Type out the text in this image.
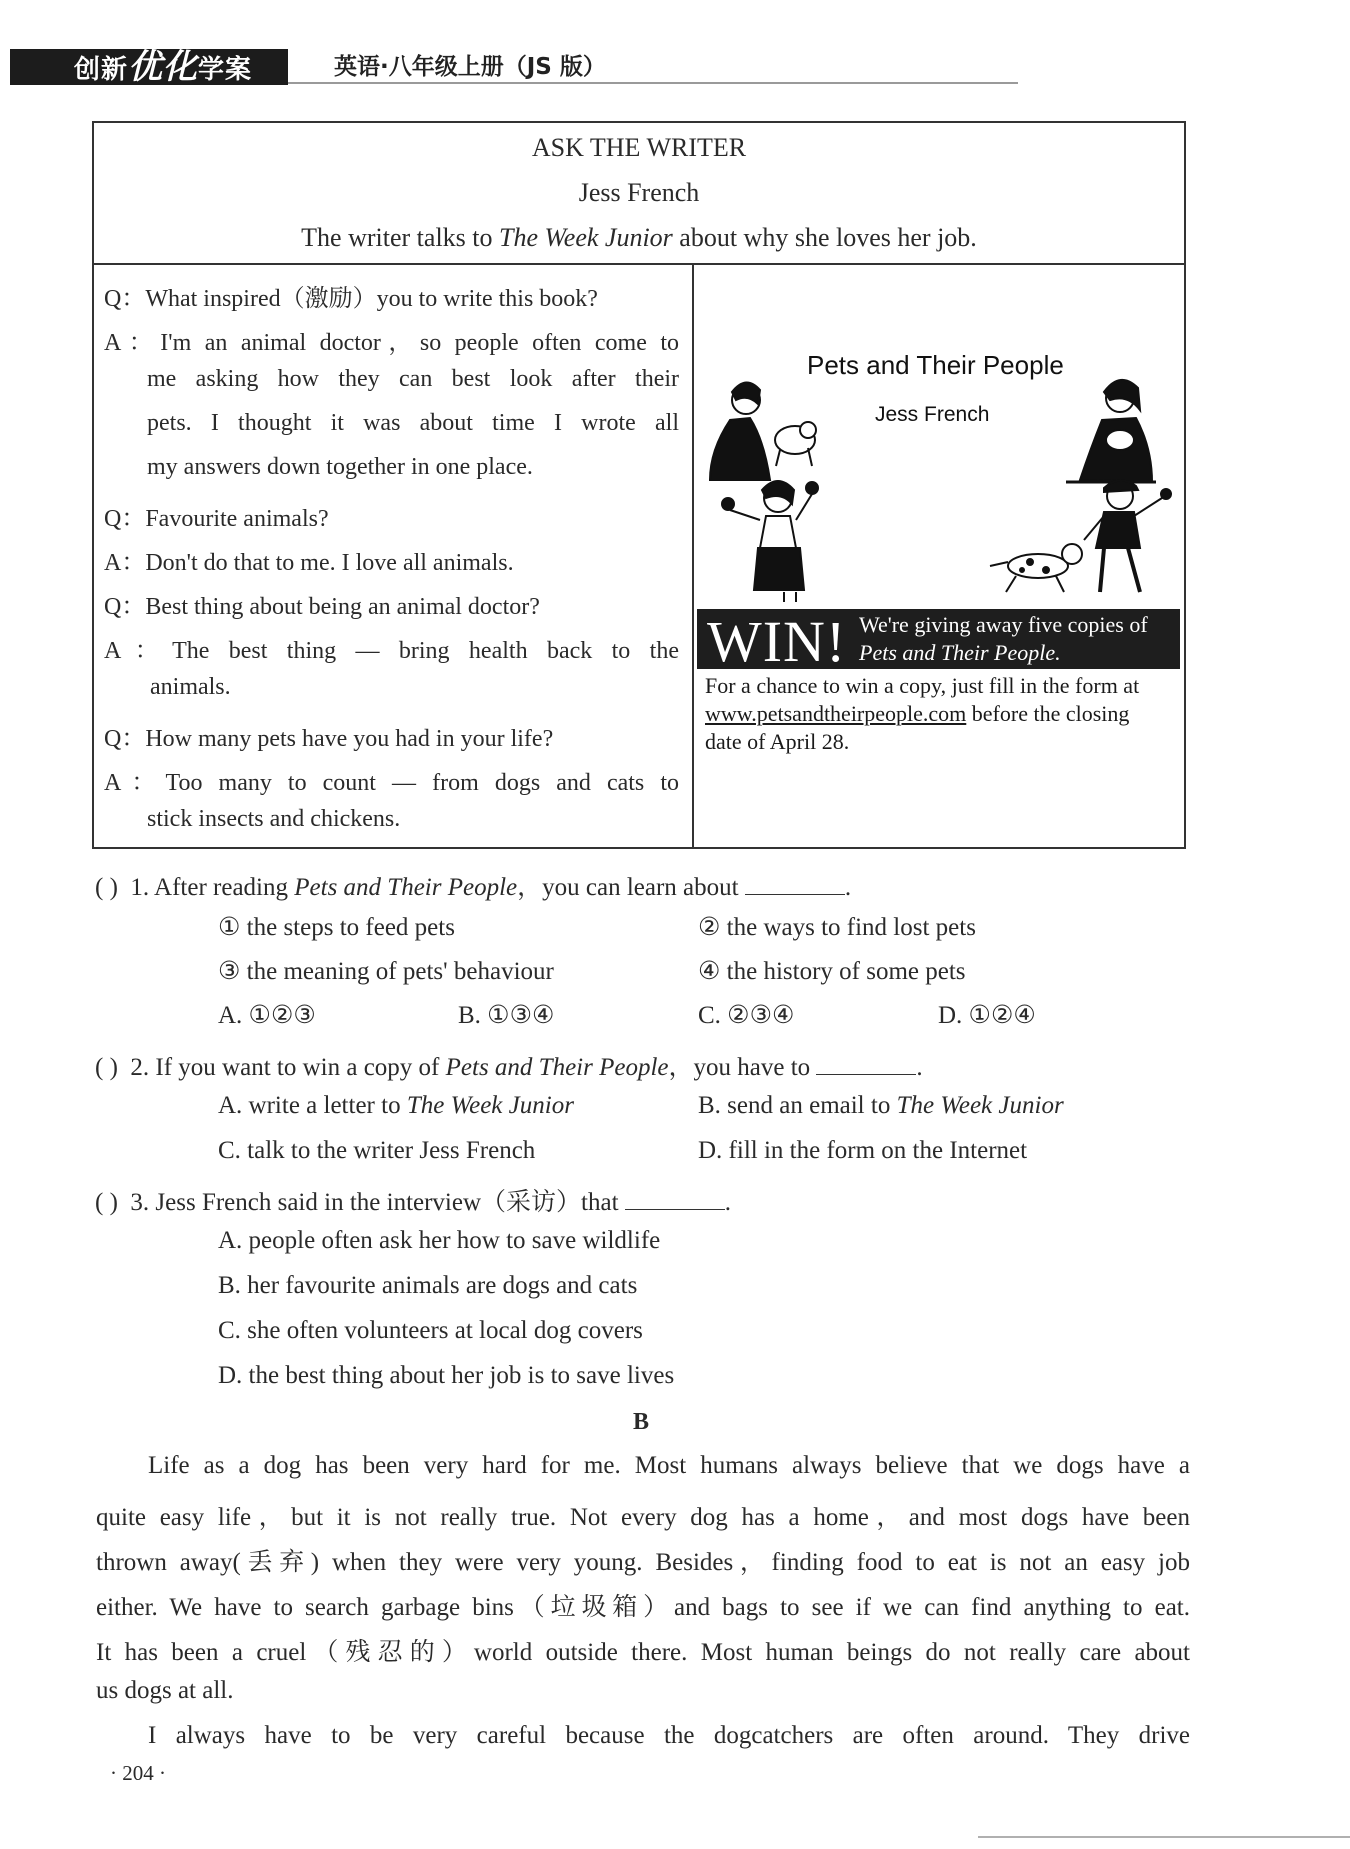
创新优化学案	英语·八年级上册（JS 版）
ASK THE WRITER
Jess French
The writer talks to The Week Junior about why she loves her job.
Q：What inspired（激励）you to write this book?
A：I'm an animal doctor，so people often come to
me asking how they can best look after their
pets. I thought it was about time I wrote all
my answers down together in one place.
Q：Favourite animals?
A：Don't do that to me. I love all animals.
Q：Best thing about being an animal doctor?
A：The best thing — bring health back to the
animals.
Q：How many pets have you had in your life?
A：Too many to count — from dogs and cats to
stick insects and chickens.
Pets and Their People
Jess French
WIN! We're giving away five copies of
Pets and Their People.
For a chance to win a copy, just fill in the form at
www.petsandtheirpeople.com before the closing
date of April 28.
( ) 1. After reading Pets and Their People，you can learn about	.
① the steps to feed pets	② the ways to find lost pets
③ the meaning of pets' behaviour	④ the history of some pets
A. ①②③	B. ①③④	C. ②③④	D. ①②④
( ) 2. If you want to win a copy of Pets and Their People，you have to	.
A. write a letter to The Week Junior	B. send an email to The Week Junior
C. talk to the writer Jess French	D. fill in the form on the Internet
( ) 3. Jess French said in the interview（采访）that	.
A. people often ask her how to save wildlife
B. her favourite animals are dogs and cats
C. she often volunteers at local dog covers
D. the best thing about her job is to save lives
B
Life as a dog has been very hard for me. Most humans always believe that we dogs have a
quite easy life，but it is not really true. Not every dog has a home，and most dogs have been
thrown away(丢弃) when they were very young. Besides，finding food to eat is not an easy job
either. We have to search garbage bins（垃圾箱）and bags to see if we can find anything to eat.
It has been a cruel（残忍的）world outside there. Most human beings do not really care about
us dogs at all.
I always have to be very careful because the dogcatchers are often around. They drive
· 204 ·
